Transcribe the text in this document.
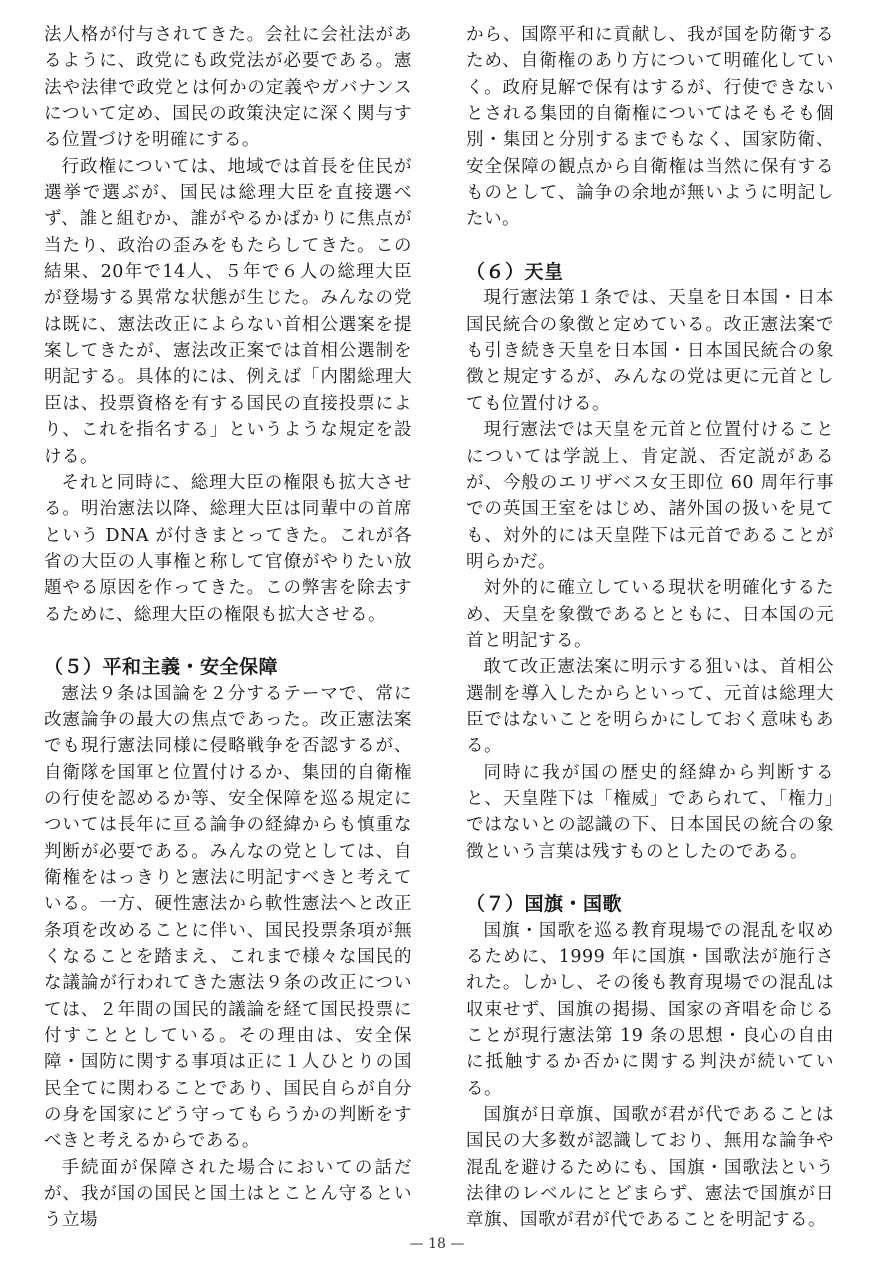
法人格が付与されてきた。会社に会社法があるように、政党にも政党法が必要である。憲法や法律で政党とは何かの定義やガバナンスについて定め、国民の政策決定に深く関与する位置づけを明確にする。

行政権については、地域では首長を住民が選挙で選ぶが、国民は総理大臣を直接選べず、誰と組むか、誰がやるかばかりに焦点が当たり、政治の歪みをもたらしてきた。この結果、20年で14人、５年で６人の総理大臣が登場する異常な状態が生じた。みんなの党は既に、憲法改正によらない首相公選案を提案してきたが、憲法改正案では首相公選制を明記する。具体的には、例えば「内閣総理大臣は、投票資格を有する国民の直接投票により、これを指名する」というような規定を設ける。

それと同時に、総理大臣の権限も拡大させる。明治憲法以降、総理大臣は同輩中の首席という DNA が付きまとってきた。これが各省の大臣の人事権と称して官僚がやりたい放題やる原因を作ってきた。この弊害を除去するために、総理大臣の権限も拡大させる。

（５）平和主義・安全保障

憲法９条は国論を２分するテーマで、常に改憲論争の最大の焦点であった。改正憲法案でも現行憲法同様に侵略戦争を否認するが、自衛隊を国軍と位置付けるか、集団的自衛権の行使を認めるか等、安全保障を巡る規定については長年に亘る論争の経緯からも慎重な判断が必要である。みんなの党としては、自衛権をはっきりと憲法に明記すべきと考えている。一方、硬性憲法から軟性憲法へと改正条項を改めることに伴い、国民投票条項が無くなることを踏まえ、これまで様々な国民的な議論が行われてきた憲法９条の改正については、２年間の国民的議論を経て国民投票に付すこととしている。その理由は、安全保障・国防に関する事項は正に１人ひとりの国民全てに関わることであり、国民自らが自分の身を国家にどう守ってもらうかの判断をすべきと考えるからである。

手続面が保障された場合においての話だが、我が国の国民と国土はとことん守るという立場

から、国際平和に貢献し、我が国を防衛するため、自衛権のあり方について明確化していく。政府見解で保有はするが、行使できないとされる集団的自衛権についてはそもそも個別・集団と分別するまでもなく、国家防衛、安全保障の観点から自衛権は当然に保有するものとして、論争の余地が無いように明記したい。

（６）天皇

現行憲法第１条では、天皇を日本国・日本国民統合の象徴と定めている。改正憲法案でも引き続き天皇を日本国・日本国民統合の象徴と規定するが、みんなの党は更に元首としても位置付ける。

現行憲法では天皇を元首と位置付けることについては学説上、肯定説、否定説があるが、今般のエリザベス女王即位 60 周年行事での英国王室をはじめ、諸外国の扱いを見ても、対外的には天皇陛下は元首であることが明らかだ。

対外的に確立している現状を明確化するため、天皇を象徴であるとともに、日本国の元首と明記する。

敢て改正憲法案に明示する狙いは、首相公選制を導入したからといって、元首は総理大臣ではないことを明らかにしておく意味もある。

同時に我が国の歴史的経緯から判断すると、天皇陛下は「権威」であられて、「権力」ではないとの認識の下、日本国民の統合の象徴という言葉は残すものとしたのである。

（７）国旗・国歌

国旗・国歌を巡る教育現場での混乱を収めるために、1999 年に国旗・国歌法が施行された。しかし、その後も教育現場での混乱は収束せず、国旗の掲揚、国家の斉唱を命じることが現行憲法第 19 条の思想・良心の自由に抵触するか否かに関する判決が続いている。

国旗が日章旗、国歌が君が代であることは国民の大多数が認識しており、無用な論争や混乱を避けるためにも、国旗・国歌法という法律のレベルにとどまらず、憲法で国旗が日章旗、国歌が君が代であることを明記する。

— 18 —
